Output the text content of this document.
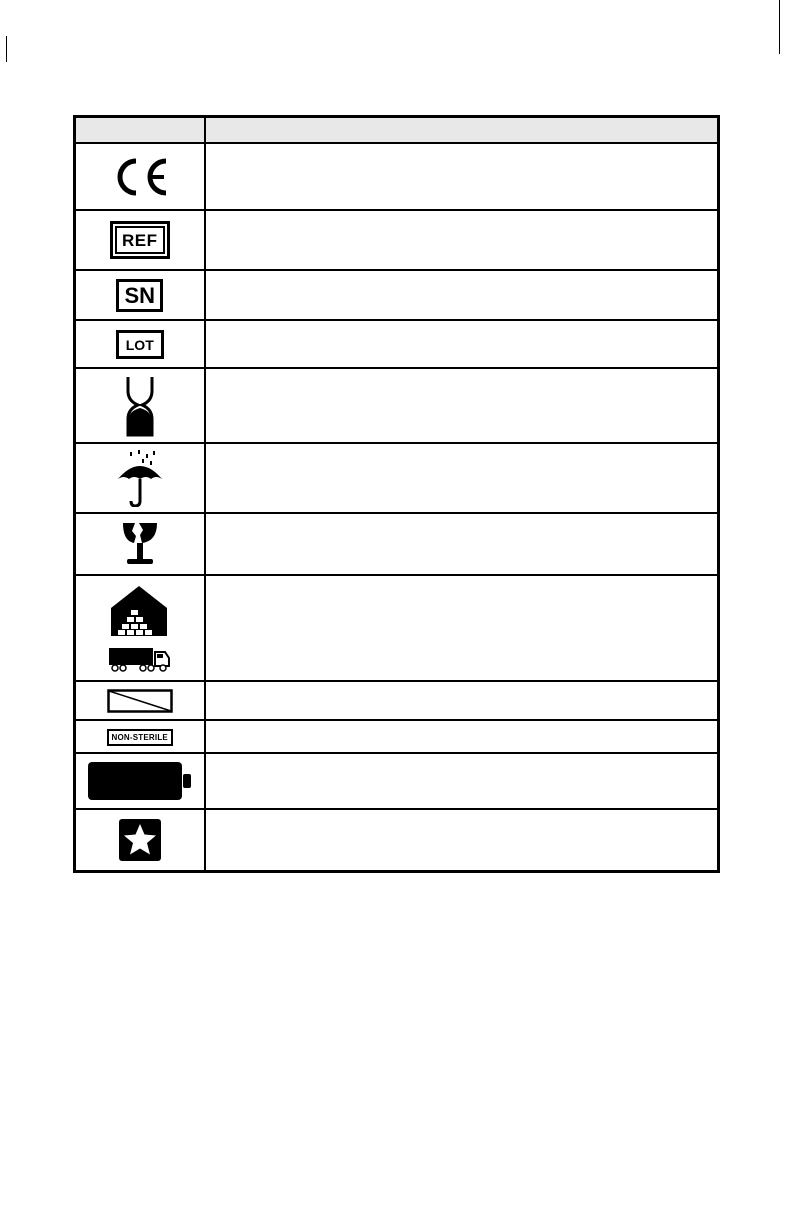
REF	
SN	
LOT	

NON-STERILE	
